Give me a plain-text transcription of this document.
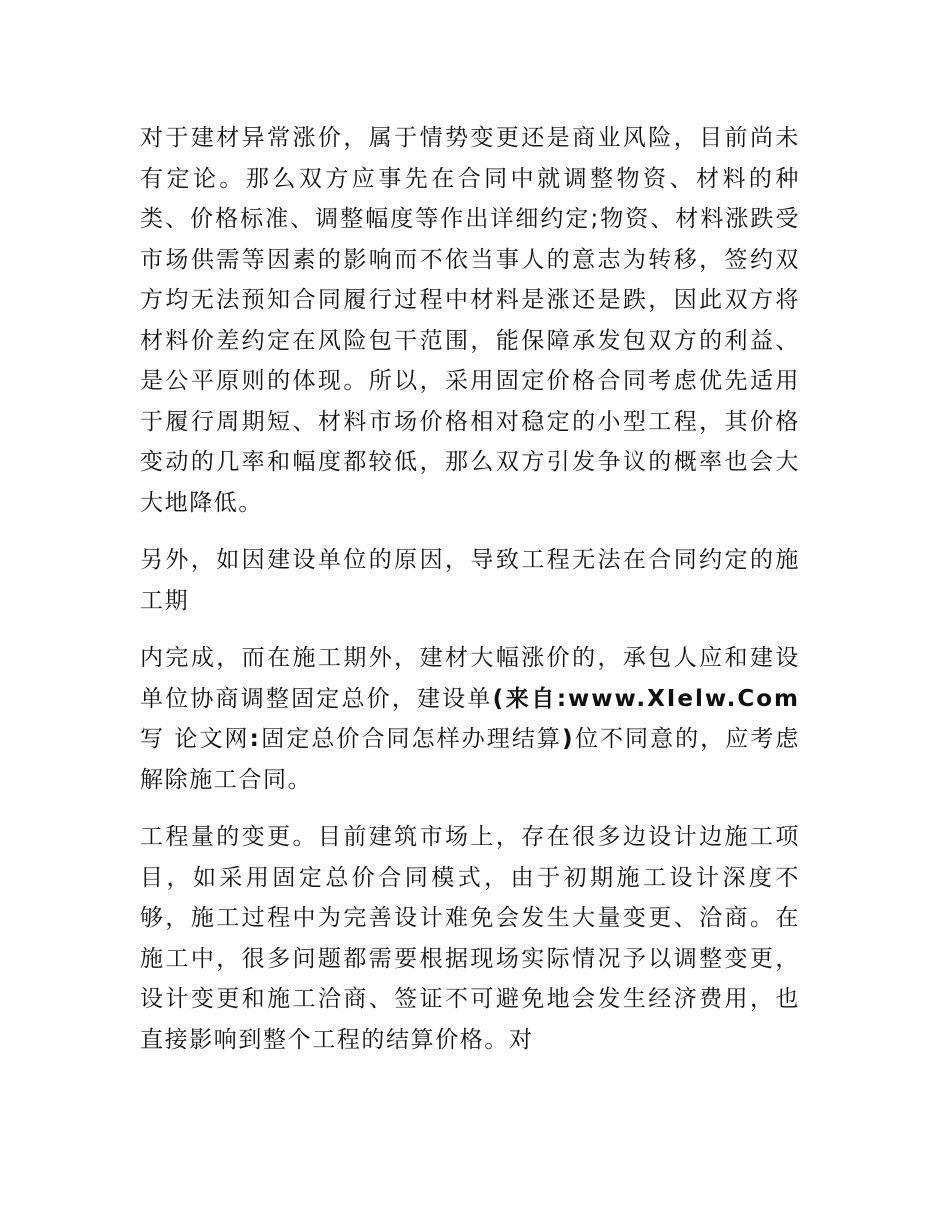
对于建材异常涨价，属于情势变更还是商业风险，目前尚未有定论。那么双方应事先在合同中就调整物资、材料的种类、价格标准、调整幅度等作出详细约定;物资、材料涨跌受市场供需等因素的影响而不依当事人的意志为转移，签约双方均无法预知合同履行过程中材料是涨还是跌，因此双方将材料价差约定在风险包干范围，能保障承发包双方的利益、是公平原则的体现。所以，采用固定价格合同考虑优先适用于履行周期短、材料市场价格相对稳定的小型工程，其价格变动的几率和幅度都较低，那么双方引发争议的概率也会大大地降低。

另外，如因建设单位的原因，导致工程无法在合同约定的施工期

内完成，而在施工期外，建材大幅涨价的，承包人应和建设单位协商调整固定总价，建设单(来自:www.XIelw.Com 写 论文网:固定总价合同怎样办理结算)位不同意的，应考虑解除施工合同。

工程量的变更。目前建筑市场上，存在很多边设计边施工项目，如采用固定总价合同模式，由于初期施工设计深度不够，施工过程中为完善设计难免会发生大量变更、洽商。在施工中，很多问题都需要根据现场实际情况予以调整变更，设计变更和施工洽商、签证不可避免地会发生经济费用，也直接影响到整个工程的结算价格。对
